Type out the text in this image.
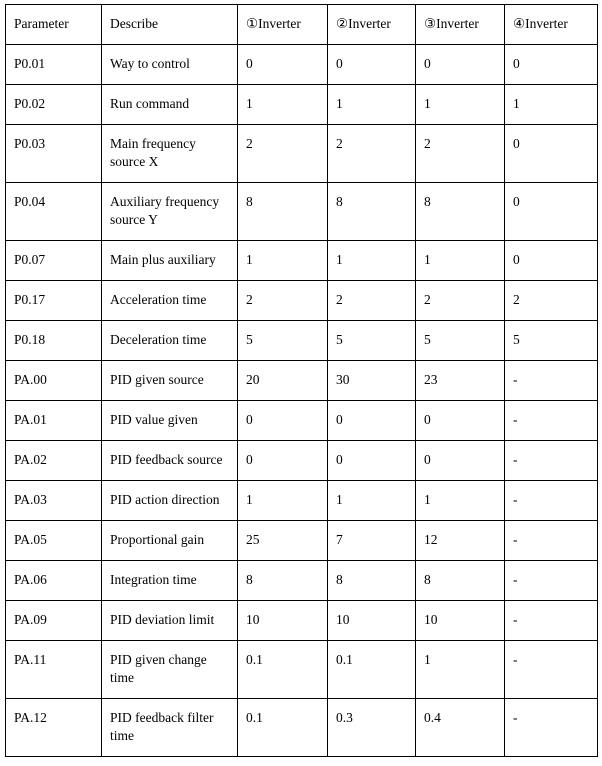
Parameter	Describe	①Inverter	②Inverter	③Inverter	④Inverter
P0.01	Way to control	0	0	0	0
P0.02	Run command	1	1	1	1
P0.03	Main frequency source X	2	2	2	0
P0.04	Auxiliary frequency source Y	8	8	8	0
P0.07	Main plus auxiliary	1	1	1	0
P0.17	Acceleration time	2	2	2	2
P0.18	Deceleration time	5	5	5	5
PA.00	PID given source	20	30	23	-
PA.01	PID value given	0	0	0	-
PA.02	PID feedback source	0	0	0	-
PA.03	PID action direction	1	1	1	-
PA.05	Proportional gain	25	7	12	-
PA.06	Integration time	8	8	8	-
PA.09	PID deviation limit	10	10	10	-
PA.11	PID given change time	0.1	0.1	1	-
PA.12	PID feedback filter time	0.1	0.3	0.4	-
